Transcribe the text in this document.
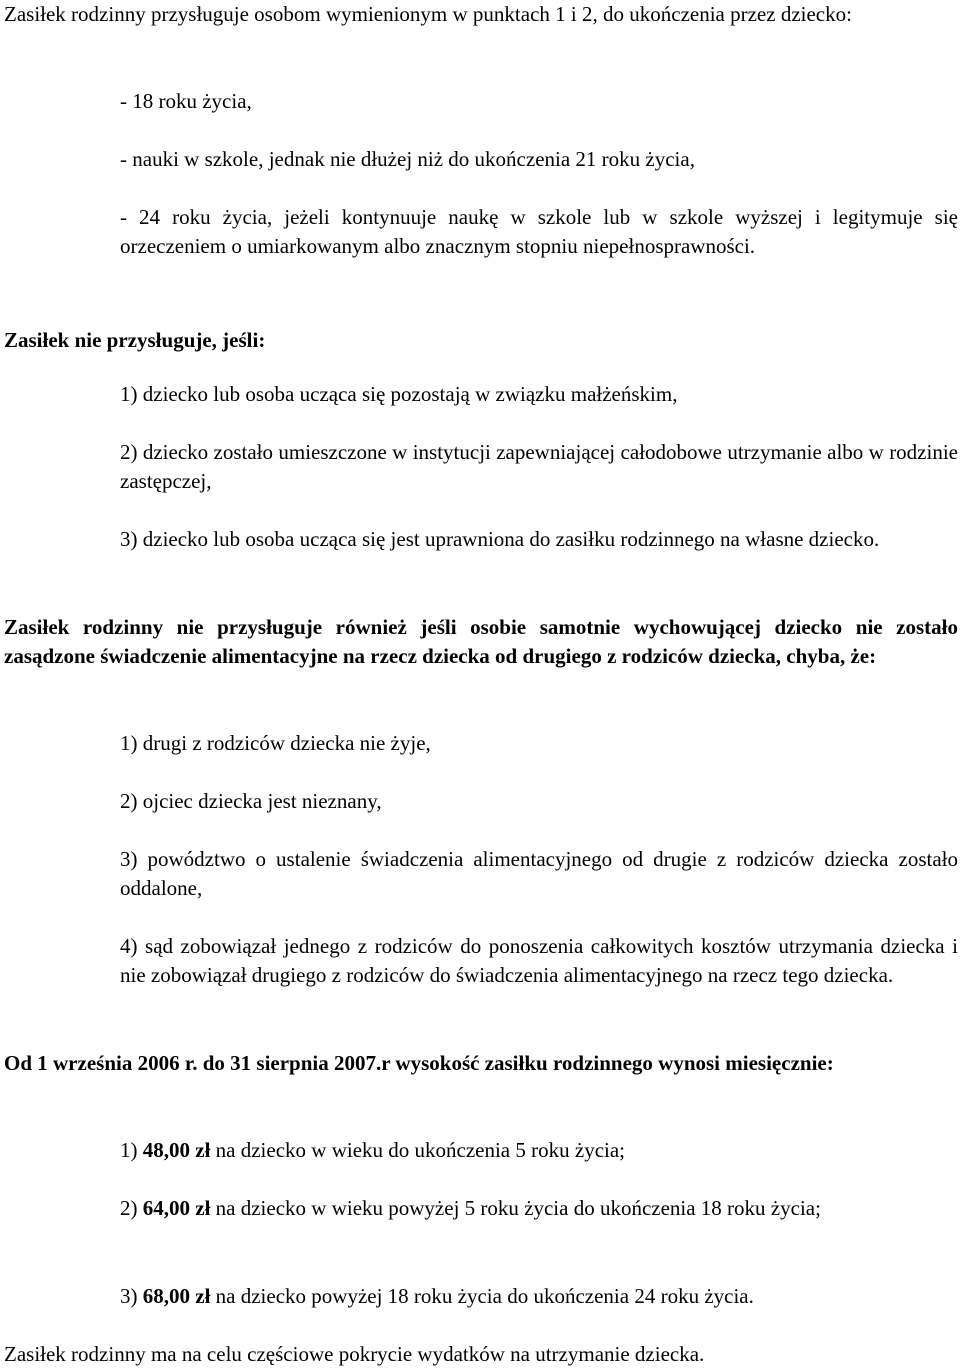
Zasiłek rodzinny przysługuje osobom wymienionym w punktach 1 i 2, do ukończenia przez dziecko:

- 18 roku życia,

- nauki w szkole, jednak nie dłużej niż do ukończenia 21 roku życia,

- 24 roku życia, jeżeli kontynuuje naukę w szkole lub w szkole wyższej i legitymuje się orzeczeniem o umiarkowanym albo znacznym stopniu niepełnosprawności.

Zasiłek nie przysługuje, jeśli:

1) dziecko lub osoba ucząca się pozostają w związku małżeńskim,

2) dziecko zostało umieszczone w instytucji zapewniającej całodobowe utrzymanie albo w rodzinie zastępczej,

3) dziecko lub osoba ucząca się jest uprawniona do zasiłku rodzinnego na własne dziecko.

Zasiłek rodzinny nie przysługuje również jeśli osobie samotnie wychowującej dziecko nie zostało zasądzone świadczenie alimentacyjne na rzecz dziecka od drugiego z rodziców dziecka, chyba, że:

1) drugi z rodziców dziecka nie żyje,

2) ojciec dziecka jest nieznany,

3) powództwo o ustalenie świadczenia alimentacyjnego od drugie z rodziców dziecka zostało oddalone,

4) sąd zobowiązał jednego z rodziców do ponoszenia całkowitych kosztów utrzymania dziecka i nie zobowiązał drugiego z rodziców do świadczenia alimentacyjnego na rzecz tego dziecka.

Od 1 września 2006 r. do 31 sierpnia 2007.r wysokość zasiłku rodzinnego wynosi miesięcznie:

1) 48,00 zł na dziecko w wieku do ukończenia 5 roku życia;

2) 64,00 zł na dziecko w wieku powyżej 5 roku życia do ukończenia 18 roku życia;

3) 68,00 zł na dziecko powyżej 18 roku życia do ukończenia 24 roku życia.

Zasiłek rodzinny ma na celu częściowe pokrycie wydatków na utrzymanie dziecka.
